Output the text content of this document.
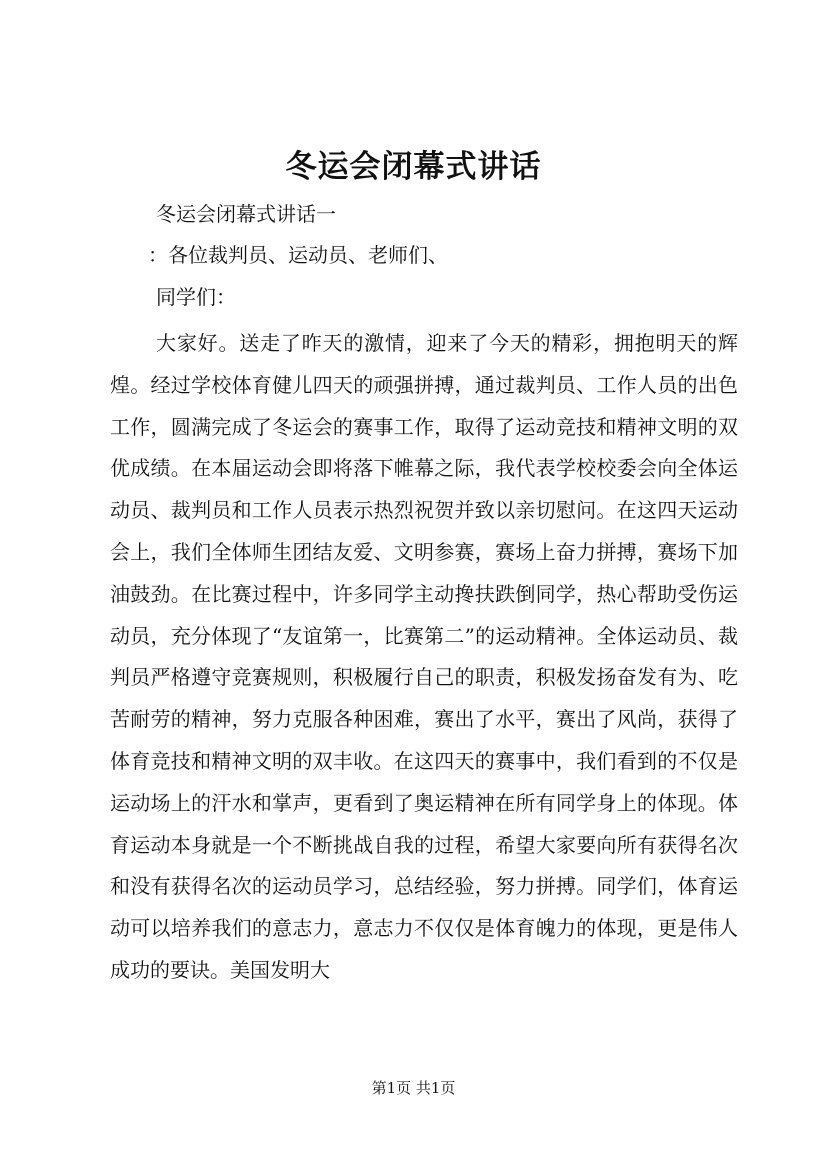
冬运会闭幕式讲话
冬运会闭幕式讲话一
：各位裁判员、运动员、老师们、
同学们：
大家好。送走了昨天的激情，迎来了今天的精彩，拥抱明天的辉煌。经过学校体育健儿四天的顽强拼搏，通过裁判员、工作人员的出色工作，圆满完成了冬运会的赛事工作，取得了运动竞技和精神文明的双优成绩。在本届运动会即将落下帷幕之际，我代表学校校委会向全体运动员、裁判员和工作人员表示热烈祝贺并致以亲切慰问。在这四天运动会上，我们全体师生团结友爱、文明参赛，赛场上奋力拼搏，赛场下加油鼓劲。在比赛过程中，许多同学主动搀扶跌倒同学，热心帮助受伤运动员，充分体现了“友谊第一，比赛第二”的运动精神。全体运动员、裁判员严格遵守竞赛规则，积极履行自己的职责，积极发扬奋发有为、吃苦耐劳的精神，努力克服各种困难，赛出了水平，赛出了风尚，获得了体育竞技和精神文明的双丰收。在这四天的赛事中，我们看到的不仅是运动场上的汗水和掌声，更看到了奥运精神在所有同学身上的体现。体育运动本身就是一个不断挑战自我的过程，希望大家要向所有获得名次和没有获得名次的运动员学习，总结经验，努力拼搏。同学们，体育运动可以培养我们的意志力，意志力不仅仅是体育魄力的体现，更是伟人成功的要诀。美国发明大
第1页 共1页
